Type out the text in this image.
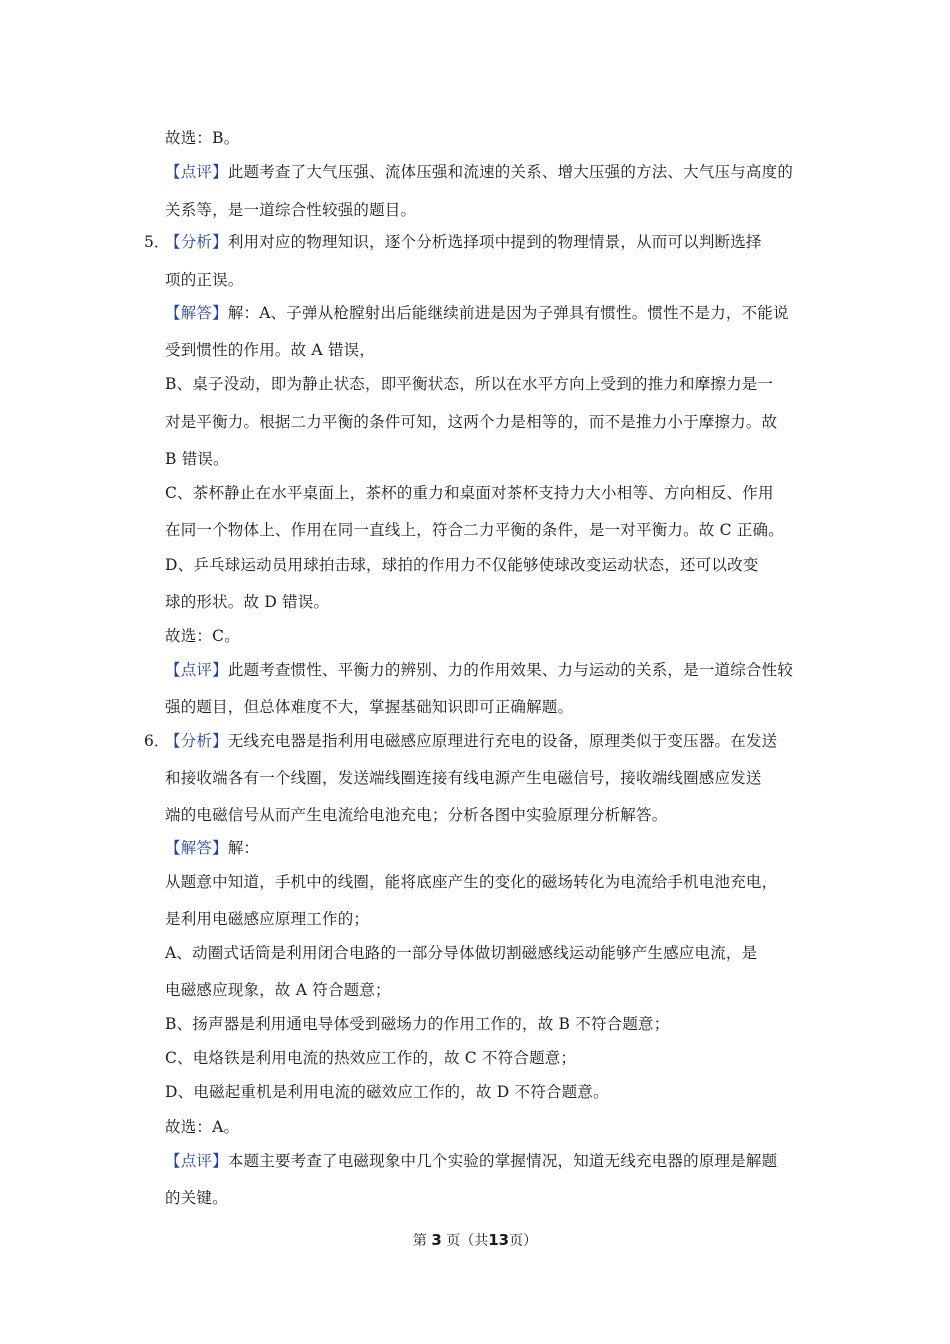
故选：B。
【点评】此题考查了大气压强、流体压强和流速的关系、增大压强的方法、大气压与高度的
关系等，是一道综合性较强的题目。
5．
【分析】利用对应的物理知识，逐个分析选择项中提到的物理情景，从而可以判断选择
项的正误。
【解答】解：A、子弹从枪膛射出后能继续前进是因为子弹具有惯性。惯性不是力，不能说
受到惯性的作用。故 A 错误，
B、桌子没动，即为静止状态，即平衡状态，所以在水平方向上受到的推力和摩擦力是一
对是平衡力。根据二力平衡的条件可知，这两个力是相等的，而不是推力小于摩擦力。故
B 错误。
C、茶杯静止在水平桌面上，茶杯的重力和桌面对茶杯支持力大小相等、方向相反、作用
在同一个物体上、作用在同一直线上，符合二力平衡的条件，是一对平衡力。故 C 正确。
D、乒乓球运动员用球拍击球，球拍的作用力不仅能够使球改变运动状态，还可以改变
球的形状。故 D 错误。
故选：C。
【点评】此题考查惯性、平衡力的辨别、力的作用效果、力与运动的关系，是一道综合性较
强的题目，但总体难度不大，掌握基础知识即可正确解题。
6．
【分析】无线充电器是指利用电磁感应原理进行充电的设备，原理类似于变压器。在发送
和接收端各有一个线圈，发送端线圈连接有线电源产生电磁信号，接收端线圈感应发送
端的电磁信号从而产生电流给电池充电；分析各图中实验原理分析解答。
【解答】解：
从题意中知道，手机中的线圈，能将底座产生的变化的磁场转化为电流给手机电池充电，
是利用电磁感应原理工作的；
A、动圈式话筒是利用闭合电路的一部分导体做切割磁感线运动能够产生感应电流，是
电磁感应现象，故 A 符合题意；
B、扬声器是利用通电导体受到磁场力的作用工作的，故 B 不符合题意；
C、电烙铁是利用电流的热效应工作的，故 C 不符合题意；
D、电磁起重机是利用电流的磁效应工作的，故 D 不符合题意。
故选：A。
【点评】本题主要考查了电磁现象中几个实验的掌握情况，知道无线充电器的原理是解题
的关键。
第 3 页（共13页）
